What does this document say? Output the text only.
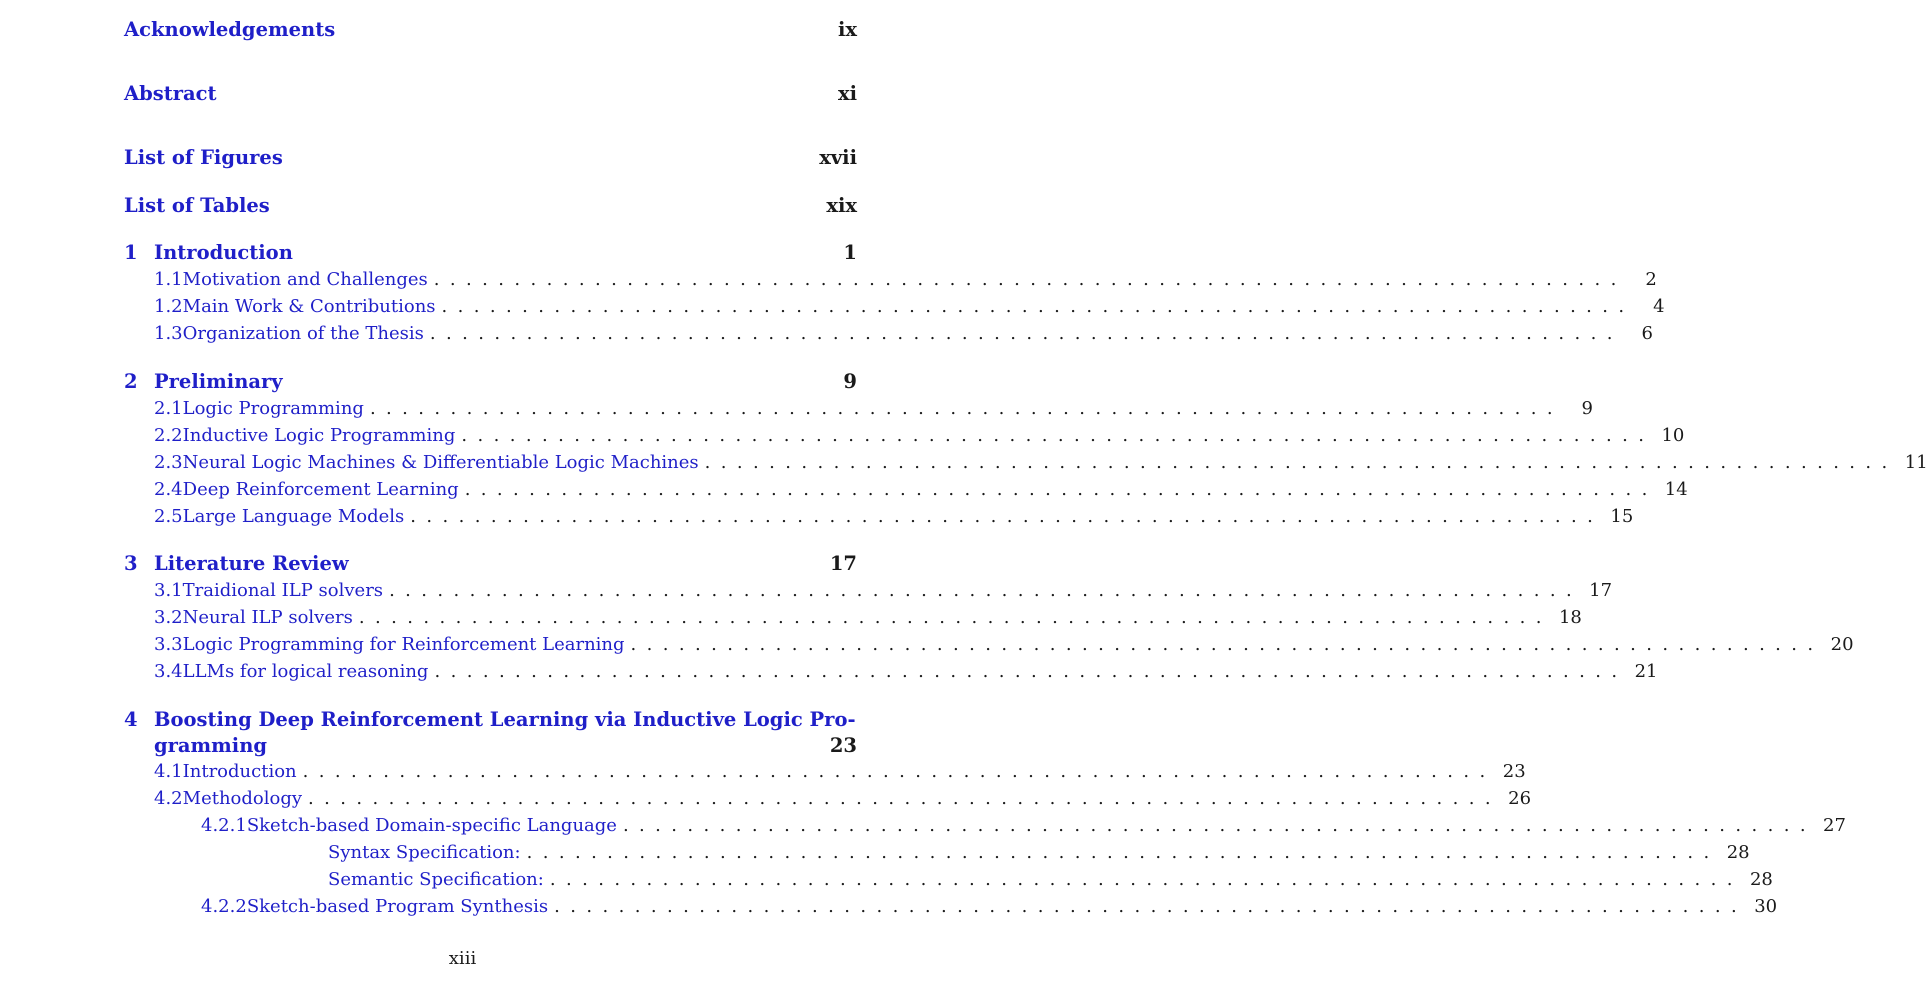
Acknowledgements	ix
Abstract	xi
List of Figures	xvii
List of Tables	xix
1 Introduction	1
1.1 Motivation and Challenges ..........................................................................	2
1.2 Main Work & Contributions ..........................................................................	4
1.3 Organization of the Thesis ..........................................................................	6
2 Preliminary	9
2.1 Logic Programming ..........................................................................	9
2.2 Inductive Logic Programming .......................................................................... 10
2.3 Neural Logic Machines & Differentiable Logic Machines .......................................................................... 11
2.4 Deep Reinforcement Learning .......................................................................... 14
2.5 Large Language Models .......................................................................... 15
3 Literature Review	17
3.1 Traidional ILP solvers .......................................................................... 17
3.2 Neural ILP solvers .......................................................................... 18
3.3 Logic Programming for Reinforcement Learning .......................................................................... 20
3.4 LLMs for logical reasoning .......................................................................... 21
4 Boosting Deep Reinforcement Learning via Inductive Logic Pro-
gramming	23
4.1 Introduction .......................................................................... 23
4.2 Methodology .......................................................................... 26
4.2.1 Sketch-based Domain-specific Language .......................................................................... 27
Syntax Specification: .......................................................................... 28
Semantic Specification: .......................................................................... 28
4.2.2 Sketch-based Program Synthesis .......................................................................... 30
xiii
